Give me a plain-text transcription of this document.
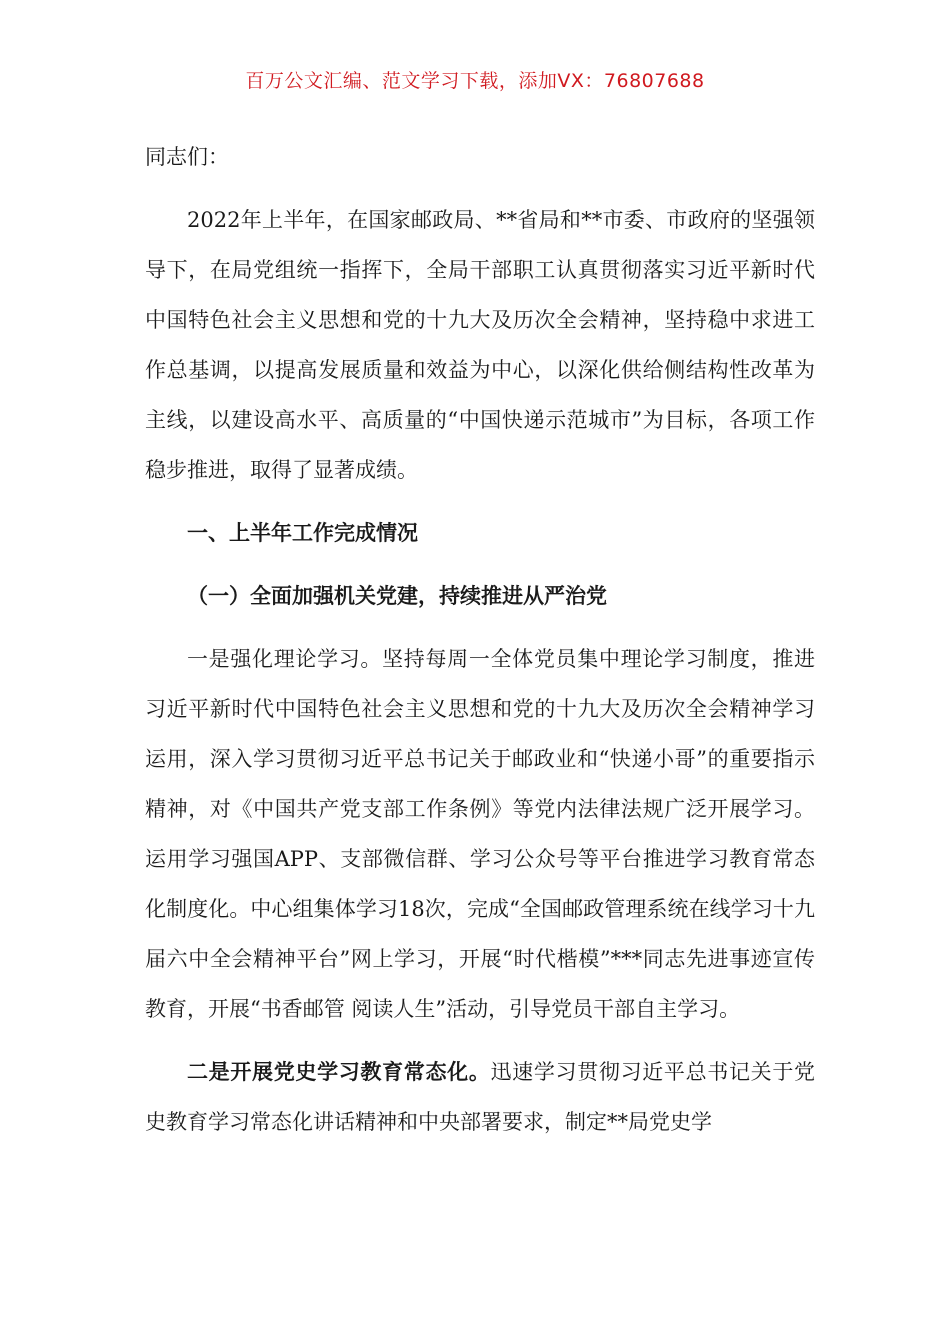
百万公文汇编、范文学习下载，添加VX：76807688

同志们：

2022年上半年，在国家邮政局、**省局和**市委、市政府的坚强领导下，在局党组统一指挥下，全局干部职工认真贯彻落实习近平新时代中国特色社会主义思想和党的十九大及历次全会精神，坚持稳中求进工作总基调，以提高发展质量和效益为中心，以深化供给侧结构性改革为主线，以建设高水平、高质量的“中国快递示范城市”为目标，各项工作稳步推进，取得了显著成绩。

一、上半年工作完成情况

（一）全面加强机关党建，持续推进从严治党

一是强化理论学习。坚持每周一全体党员集中理论学习制度，推进习近平新时代中国特色社会主义思想和党的十九大及历次全会精神学习运用，深入学习贯彻习近平总书记关于邮政业和“快递小哥”的重要指示精神，对《中国共产党支部工作条例》等党内法律法规广泛开展学习。运用学习强国APP、支部微信群、学习公众号等平台推进学习教育常态化制度化。中心组集体学习18次，完成“全国邮政管理系统在线学习十九届六中全会精神平台”网上学习，开展“时代楷模”***同志先进事迹宣传教育，开展“书香邮管 阅读人生”活动，引导党员干部自主学习。

二是开展党史学习教育常态化。迅速学习贯彻习近平总书记关于党史教育学习常态化讲话精神和中央部署要求，制定**局党史学
